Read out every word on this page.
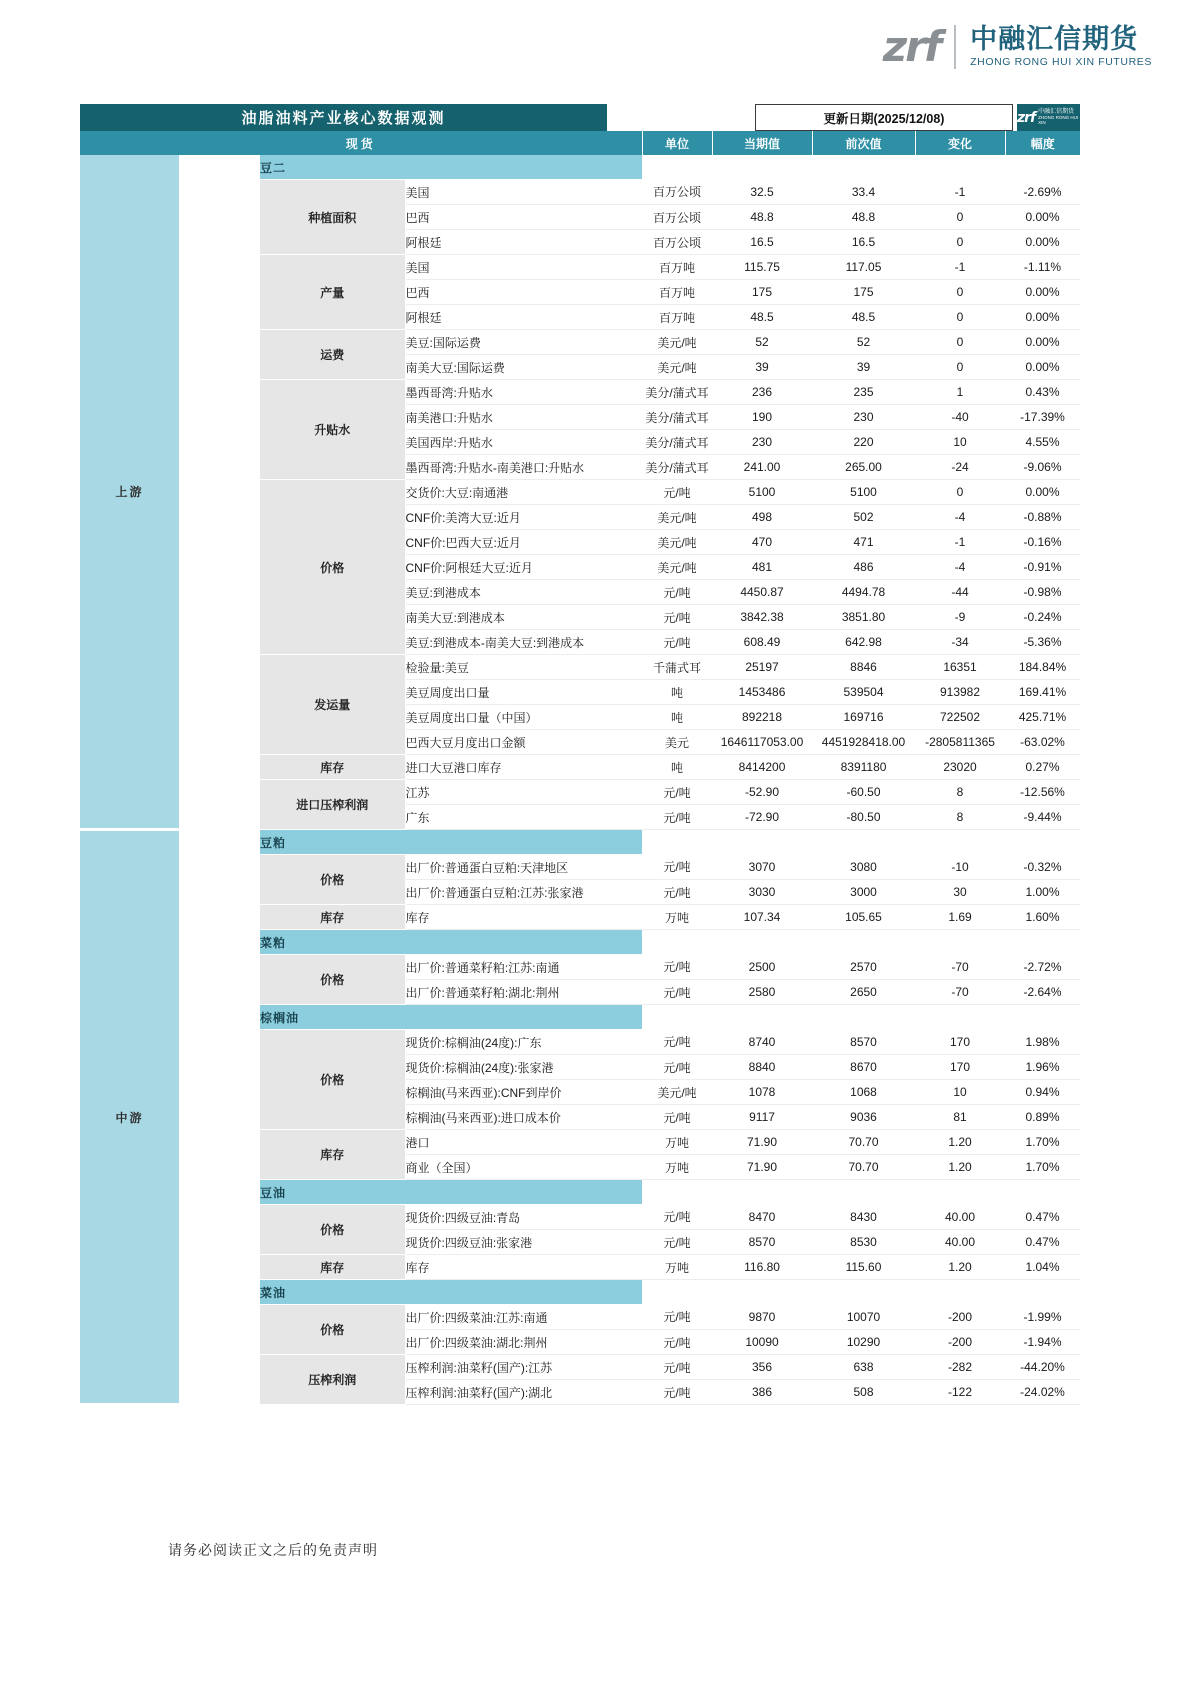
zrf 中融汇信期货
ZHONG RONG HUI XIN FUTURES
油脂油料产业核心数据观测	更新日期(2025/12/08)	zrf 中融汇信期货
ZHONG RONG HUI XIN
现货				单位	当期值	前次值	变化	幅度
上游		豆二						
		种植面积	美国	百万公顷	32.5	33.4	-1	-2.69%
			巴西	百万公顷	48.8	48.8	0	0.00%
			阿根廷	百万公顷	16.5	16.5	0	0.00%
		产量	美国	百万吨	115.75	117.05	-1	-1.11%
			巴西	百万吨	175	175	0	0.00%
			阿根廷	百万吨	48.5	48.5	0	0.00%
		运费	美豆:国际运费	美元/吨	52	52	0	0.00%
			南美大豆:国际运费	美元/吨	39	39	0	0.00%
		升贴水	墨西哥湾:升贴水	美分/蒲式耳	236	235	1	0.43%
			南美港口:升贴水	美分/蒲式耳	190	230	-40	-17.39%
			美国西岸:升贴水	美分/蒲式耳	230	220	10	4.55%
			墨西哥湾:升贴水-南美港口:升贴水	美分/蒲式耳	241.00	265.00	-24	-9.06%
		价格	交货价:大豆:南通港	元/吨	5100	5100	0	0.00%
			CNF价:美湾大豆:近月	美元/吨	498	502	-4	-0.88%
			CNF价:巴西大豆:近月	美元/吨	470	471	-1	-0.16%
			CNF价:阿根廷大豆:近月	美元/吨	481	486	-4	-0.91%
			美豆:到港成本	元/吨	4450.87	4494.78	-44	-0.98%
			南美大豆:到港成本	元/吨	3842.38	3851.80	-9	-0.24%
			美豆:到港成本-南美大豆:到港成本	元/吨	608.49	642.98	-34	-5.36%
		发运量	检验量:美豆	千蒲式耳	25197	8846	16351	184.84%
			美豆周度出口量	吨	1453486	539504	913982	169.41%
			美豆周度出口量（中国）	吨	892218	169716	722502	425.71%
			巴西大豆月度出口金额	美元	1646117053.00	4451928418.00	-2805811365	-63.02%
		库存	进口大豆港口库存	吨	8414200	8391180	23020	0.27%
		进口压榨利润	江苏	元/吨	-52.90	-60.50	8	-12.56%
			广东	元/吨	-72.90	-80.50	8	-9.44%
中游		豆粕						
		价格	出厂价:普通蛋白豆粕:天津地区	元/吨	3070	3080	-10	-0.32%
			出厂价:普通蛋白豆粕:江苏:张家港	元/吨	3030	3000	30	1.00%
		库存	库存	万吨	107.34	105.65	1.69	1.60%
		菜粕						
		价格	出厂价:普通菜籽粕:江苏:南通	元/吨	2500	2570	-70	-2.72%
			出厂价:普通菜籽粕:湖北:荆州	元/吨	2580	2650	-70	-2.64%
		棕榈油						
		价格	现货价:棕榈油(24度):广东	元/吨	8740	8570	170	1.98%
			现货价:棕榈油(24度):张家港	元/吨	8840	8670	170	1.96%
			棕榈油(马来西亚):CNF到岸价	美元/吨	1078	1068	10	0.94%
			棕榈油(马来西亚):进口成本价	元/吨	9117	9036	81	0.89%
		库存	港口	万吨	71.90	70.70	1.20	1.70%
			商业（全国）	万吨	71.90	70.70	1.20	1.70%
		豆油						
		价格	现货价:四级豆油:青岛	元/吨	8470	8430	40.00	0.47%
			现货价:四级豆油:张家港	元/吨	8570	8530	40.00	0.47%
		库存	库存	万吨	116.80	115.60	1.20	1.04%
		菜油						
		价格	出厂价:四级菜油:江苏:南通	元/吨	9870	10070	-200	-1.99%
			出厂价:四级菜油:湖北:荆州	元/吨	10090	10290	-200	-1.94%
		压榨利润	压榨利润:油菜籽(国产):江苏	元/吨	356	638	-282	-44.20%
			压榨利润:油菜籽(国产):湖北	元/吨	386	508	-122	-24.02%
请务必阅读正文之后的免责声明
